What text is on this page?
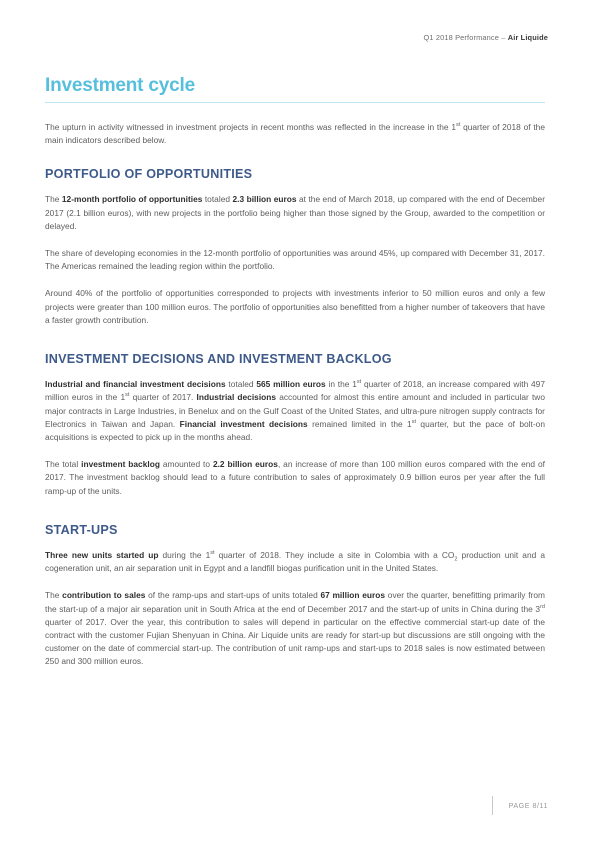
Q1 2018 Performance – Air Liquide
Investment cycle

The upturn in activity witnessed in investment projects in recent months was reflected in the increase in the 1st quarter of 2018 of the main indicators described below.

PORTFOLIO OF OPPORTUNITIES

The 12-month portfolio of opportunities totaled 2.3 billion euros at the end of March 2018, up compared with the end of December 2017 (2.1 billion euros), with new projects in the portfolio being higher than those signed by the Group, awarded to the competition or delayed.

The share of developing economies in the 12-month portfolio of opportunities was around 45%, up compared with December 31, 2017. The Americas remained the leading region within the portfolio.

Around 40% of the portfolio of opportunities corresponded to projects with investments inferior to 50 million euros and only a few projects were greater than 100 million euros. The portfolio of opportunities also benefitted from a higher number of takeovers that have a faster growth contribution.

INVESTMENT DECISIONS AND INVESTMENT BACKLOG

Industrial and financial investment decisions totaled 565 million euros in the 1st quarter of 2018, an increase compared with 497 million euros in the 1st quarter of 2017. Industrial decisions accounted for almost this entire amount and included in particular two major contracts in Large Industries, in Benelux and on the Gulf Coast of the United States, and ultra-pure nitrogen supply contracts for Electronics in Taiwan and Japan. Financial investment decisions remained limited in the 1st quarter, but the pace of bolt-on acquisitions is expected to pick up in the months ahead.

The total investment backlog amounted to 2.2 billion euros, an increase of more than 100 million euros compared with the end of 2017. The investment backlog should lead to a future contribution to sales of approximately 0.9 billion euros per year after the full ramp-up of the units.

START-UPS

Three new units started up during the 1st quarter of 2018. They include a site in Colombia with a $CO_2$ production unit and a cogeneration unit, an air separation unit in Egypt and a landfill biogas purification unit in the United States.

The contribution to sales of the ramp-ups and start-ups of units totaled 67 million euros over the quarter, benefitting primarily from the start-up of a major air separation unit in South Africa at the end of December 2017 and the start-up of units in China during the 3rd quarter of 2017. Over the year, this contribution to sales will depend in particular on the effective commercial start-up date of the contract with the customer Fujian Shenyuan in China. Air Liquide units are ready for start-up but discussions are still ongoing with the customer on the date of commercial start-up. The contribution of unit ramp-ups and start-ups to 2018 sales is now estimated between 250 and 300 million euros.

PAGE 8/11
